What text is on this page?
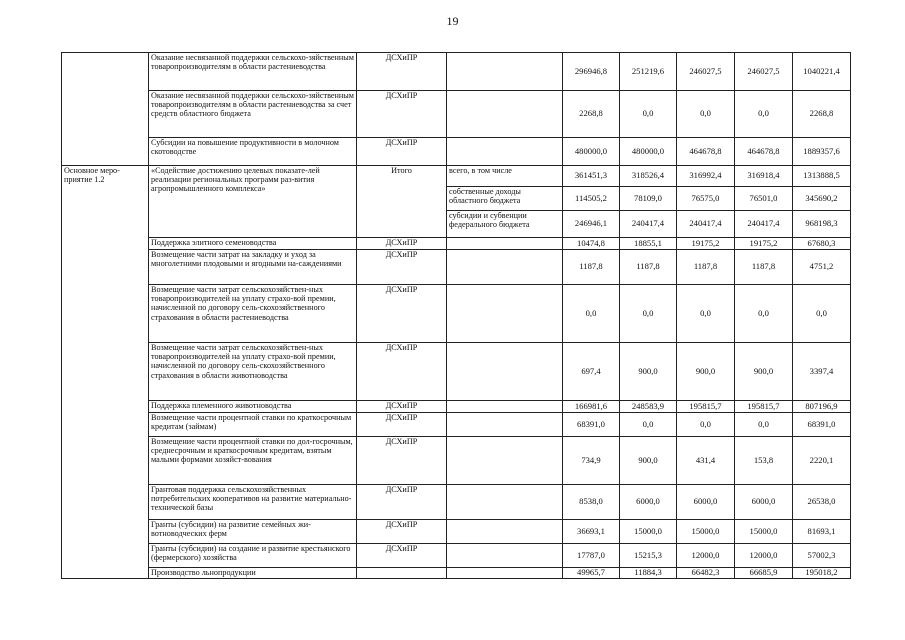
19
	Оказание несвязанной поддержки сельскохо-зяйственным товаропроизводителям в области растениеводства	ДСХиПР		296946,8	251219,6	246027,5	246027,5	1040221,4
	Оказание несвязанной поддержки сельскохо-зяйственным товаропроизводителям в области растениеводства за счет средств областного бюджета	ДСХиПР		2268,8	0,0	0,0	0,0	2268,8
	Субсидии на повышение продуктивности в молочном скотоводстве	ДСХиПР		480000,0	480000,0	464678,8	464678,8	1889357,6
Основное меро-приятие 1.2	«Содействие достижению целевых показате-лей реализации региональных программ раз-вития агропромышленного комплекса»	Итого	всего, в том числе	361451,3	318526,4	316992,4	316918,4	1313888,5
			собственные доходы областного бюджета	114505,2	78109,0	76575,0	76501,0	345690,2
			субсидии и субвенции федерального бюджета	246946,1	240417,4	240417,4	240417,4	968198,3
	Поддержка элитного семеноводства	ДСХиПР		10474,8	18855,1	19175,2	19175,2	67680,3
	Возмещение части затрат на закладку и уход за многолетними плодовыми и ягодными на-саждениями	ДСХиПР		1187,8	1187,8	1187,8	1187,8	4751,2
	Возмещение части затрат сельскохозяйствен-ных товаропроизводителей на уплату страхо-вой премии, начисленной по договору сель-скохозяйственного страхования в области растениеводства	ДСХиПР		0,0	0,0	0,0	0,0	0,0
	Возмещение части затрат сельскохозяйствен-ных товаропроизводителей на уплату страхо-вой премии, начисленной по договору сель-скохозяйственного страхования в области животноводства	ДСХиПР		697,4	900,0	900,0	900,0	3397,4
	Поддержка племенного животноводства	ДСХиПР		166981,6	248583,9	195815,7	195815,7	807196,9
	Возмещение части процентной ставки по краткосрочным кредитам (займам)	ДСХиПР		68391,0	0,0	0,0	0,0	68391,0
	Возмещение части процентной ставки по дол-госрочным, среднесрочным и краткосрочным кредитам, взятым малыми формами хозяйст-вования	ДСХиПР		734,9	900,0	431,4	153,8	2220,1
	Грантовая поддержка сельскохозяйственных потребительских кооперативов на развитие материально-технической базы	ДСХиПР		8538,0	6000,0	6000,0	6000,0	26538,0
	Гранты (субсидии) на развитие семейных жи-вотноводческих ферм	ДСХиПР		36693,1	15000,0	15000,0	15000,0	81693,1
	Гранты (субсидии) на создание и развитие крестьянского (фермерского) хозяйства	ДСХиПР		17787,0	15215,3	12000,0	12000,0	57002,3
	Производство льнопродукции			49965,7	11884,3	66482,3	66685,9	195018,2
